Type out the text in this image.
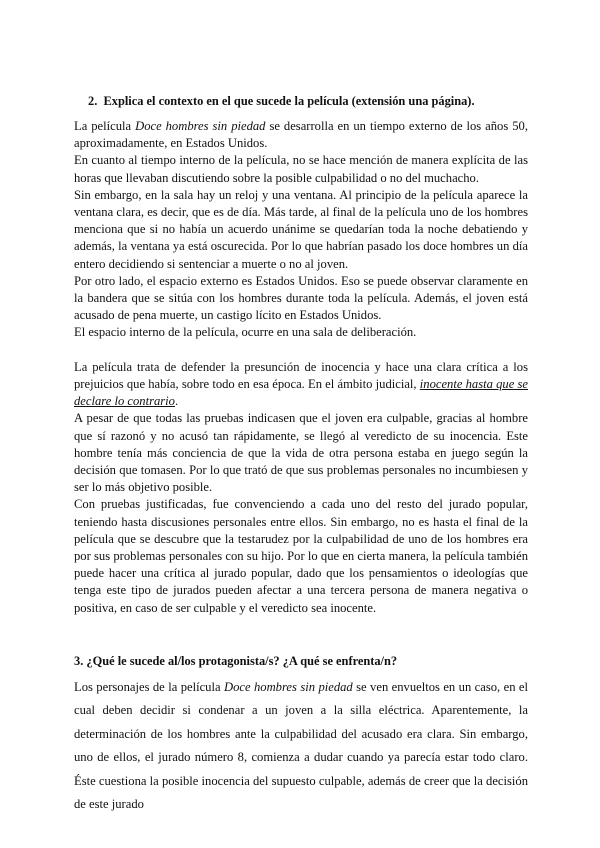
2. Explica el contexto en el que sucede la película (extensión una página).

La película Doce hombres sin piedad se desarrolla en un tiempo externo de los años 50, aproximadamente, en Estados Unidos.

En cuanto al tiempo interno de la película, no se hace mención de manera explícita de las horas que llevaban discutiendo sobre la posible culpabilidad o no del muchacho.

Sin embargo, en la sala hay un reloj y una ventana. Al principio de la película aparece la ventana clara, es decir, que es de día. Más tarde, al final de la película uno de los hombres menciona que si no había un acuerdo unánime se quedarían toda la noche debatiendo y además, la ventana ya está oscurecida. Por lo que habrían pasado los doce hombres un día entero decidiendo si sentenciar a muerte o no al joven.

Por otro lado, el espacio externo es Estados Unidos. Eso se puede observar claramente en la bandera que se sitúa con los hombres durante toda la película. Además, el joven está acusado de pena muerte, un castigo lícito en Estados Unidos.

El espacio interno de la película, ocurre en una sala de deliberación.

La película trata de defender la presunción de inocencia y hace una clara crítica a los prejuicios que había, sobre todo en esa época. En el ámbito judicial, inocente hasta que se declare lo contrario.

A pesar de que todas las pruebas indicasen que el joven era culpable, gracias al hombre que sí razonó y no acusó tan rápidamente, se llegó al veredicto de su inocencia. Este hombre tenía más conciencia de que la vida de otra persona estaba en juego según la decisión que tomasen. Por lo que trató de que sus problemas personales no incumbiesen y ser lo más objetivo posible.

Con pruebas justificadas, fue convenciendo a cada uno del resto del jurado popular, teniendo hasta discusiones personales entre ellos. Sin embargo, no es hasta el final de la película que se descubre que la testarudez por la culpabilidad de uno de los hombres era por sus problemas personales con su hijo. Por lo que en cierta manera, la película también puede hacer una crítica al jurado popular, dado que los pensamientos o ideologías que tenga este tipo de jurados pueden afectar a una tercera persona de manera negativa o positiva, en caso de ser culpable y el veredicto sea inocente.

3. ¿Qué le sucede al/los protagonista/s? ¿A qué se enfrenta/n?

Los personajes de la película Doce hombres sin piedad se ven envueltos en un caso, en el cual deben decidir si condenar a un joven a la silla eléctrica. Aparentemente, la determinación de los hombres ante la culpabilidad del acusado era clara. Sin embargo, uno de ellos, el jurado número 8, comienza a dudar cuando ya parecía estar todo claro. Éste cuestiona la posible inocencia del supuesto culpable, además de creer que la decisión de este jurado
